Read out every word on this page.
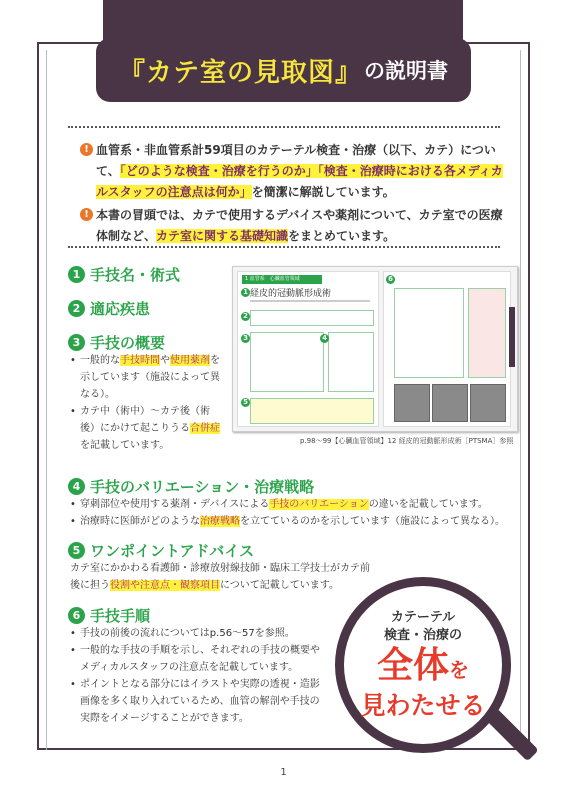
『カテ室の見取図』 の説明書

! 血管系・非血管系計59項目のカテーテル検査・治療（以下、カテ）について、「どのような検査・治療を行うのか」「検査・治療時における各メディカルスタッフの注意点は何か」を簡潔に解説しています。

! 本書の冒頭では、カテで使用するデバイスや薬剤について、カテ室での医療体制など、カテ室に関する基礎知識をまとめています。

1 手技名・術式
2 適応疾患
3 手技の概要
• 一般的な手技時間や使用薬剤を示しています（施設によって異なる）。
• カテ中（術中）〜カテ後（術後）にかけて起こりうる合併症を記載しています。
1 血管系　心臓血管領域
経皮的冠動脈形成術
1
2
3	4
5
6
p.98〜99【心臓血管領域】12 経皮的冠動脈形成術［PTSMA］参照
4 手技のバリエーション・治療戦略
• 穿刺部位や使用する薬剤・デバイスによる手技のバリエーションの違いを記載しています。
• 治療時に医師がどのような治療戦略を立てているのかを示しています（施設によって異なる）。
5 ワンポイントアドバイス
カテ室にかかわる看護師・診療放射線技師・臨床工学技士がカテ前後に担う役割や注意点・観察項目について記載しています。
6 手技手順
• 手技の前後の流れについてはp.56〜57を参照。
• 一般的な手技の手順を示し、それぞれの手技の概要やメディカルスタッフの注意点を記載しています。
• ポイントとなる部分にはイラストや実際の透視・造影画像を多く取り入れているため、血管の解剖や手技の実際をイメージすることができます。
カテーテル
検査・治療の
全体を
見わたせる
1
